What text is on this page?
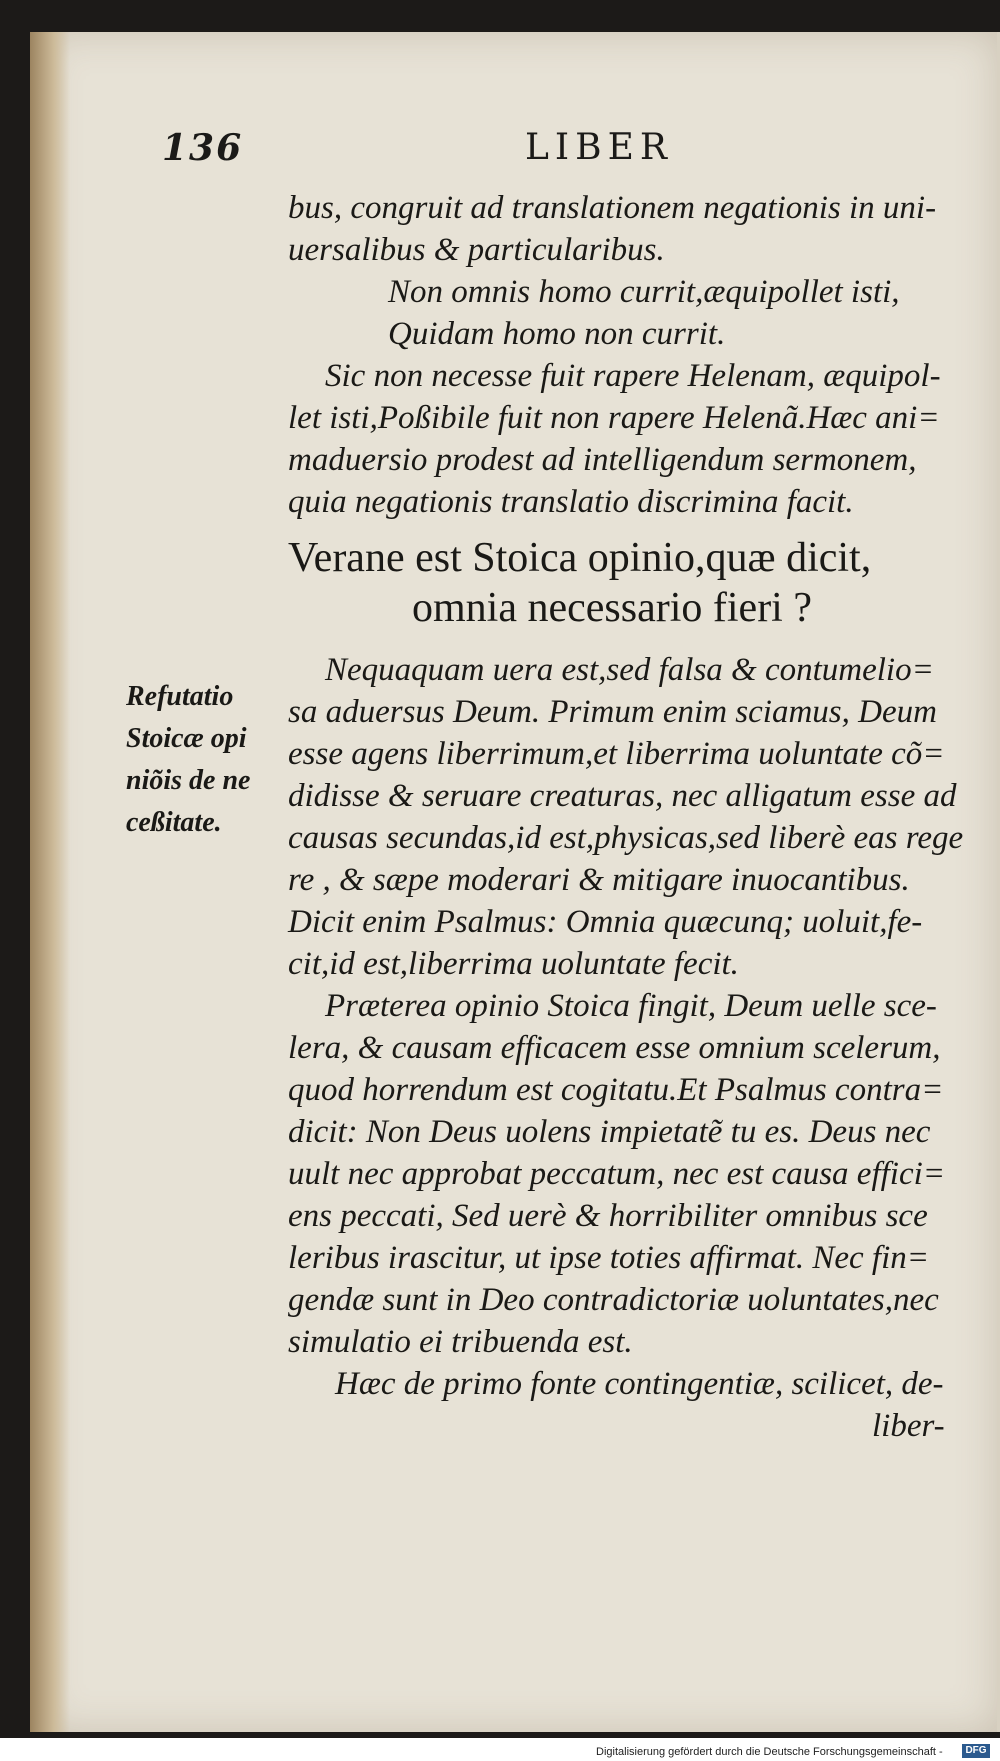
136	LIBER
bus, congruit ad translationem negationis in uni-
uersalibus & particularibus.
Non omnis homo currit,æquipollet isti,
Quidam homo non currit.
Sic non necesse fuit rapere Helenam, æquipol-
let isti,Poßibile fuit non rapere Helenã.Hæc ani=
maduersio prodest ad intelligendum sermonem,
quia negationis translatio discrimina facit.
Verane est Stoica opinio,quæ dicit,
omnia necessario fieri ?
Refutatio
Stoicæ opi
niõis de ne
ceßitate.
Nequaquam uera est,sed falsa & contumelio=
sa aduersus Deum. Primum enim sciamus, Deum
esse agens liberrimum,et liberrima uoluntate cõ=
didisse & seruare creaturas, nec alligatum esse ad
causas secundas,id est,physicas,sed liberè eas rege
re , & sæpe moderari & mitigare inuocantibus.
Dicit enim Psalmus: Omnia quæcunq; uoluit,fe-
cit,id est,liberrima uoluntate fecit.
Præterea opinio Stoica fingit, Deum uelle sce-
lera, & causam efficacem esse omnium scelerum,
quod horrendum est cogitatu.Et Psalmus contra=
dicit: Non Deus uolens impietatẽ tu es. Deus nec
uult nec approbat peccatum, nec est causa effici=
ens peccati, Sed uerè & horribiliter omnibus sce
leribus irascitur, ut ipse toties affirmat. Nec fin=
gendæ sunt in Deo contradictoriæ uoluntates,nec
simulatio ei tribuenda est.
Hæc de primo fonte contingentiæ, scilicet, de-
liber-
Digitalisierung gefördert durch die Deutsche Forschungsgemeinschaft -	DFG
